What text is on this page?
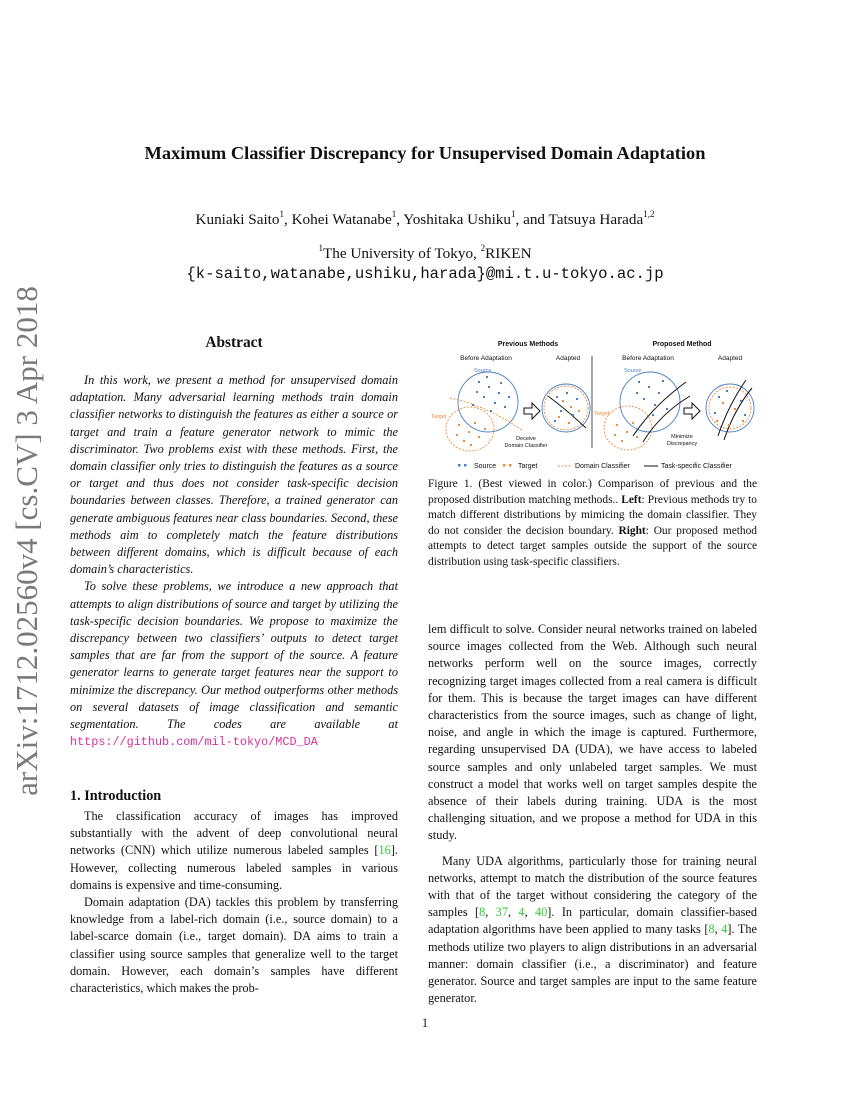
arXiv:1712.02560v4 [cs.CV] 3 Apr 2018
Maximum Classifier Discrepancy for Unsupervised Domain Adaptation
Kuniaki Saito$^1$, Kohei Watanabe$^1$, Yoshitaka Ushiku$^1$, and Tatsuya Harada$^{1,2}$
$^1$The University of Tokyo, $^2$RIKEN
{k-saito,watanabe,ushiku,harada}@mi.t.u-tokyo.ac.jp
Abstract

In this work, we present a method for unsupervised domain adaptation. Many adversarial learning methods train domain classifier networks to distinguish the features as either a source or target and train a feature generator network to mimic the discriminator. Two problems exist with these methods. First, the domain classifier only tries to distinguish the features as a source or target and thus does not consider task-specific decision boundaries between classes. Therefore, a trained generator can generate ambiguous features near class boundaries. Second, these methods aim to completely match the feature distributions between different domains, which is difficult because of each domain’s characteristics.

To solve these problems, we introduce a new approach that attempts to align distributions of source and target by utilizing the task-specific decision boundaries. We propose to maximize the discrepancy between two classifiers’ outputs to detect target samples that are far from the support of the source. A feature generator learns to generate target features near the support to minimize the discrepancy. Our method outperforms other methods on several datasets of image classification and semantic segmentation. The codes are available at https://github.com/mil-tokyo/MCD_DA

1. Introduction

The classification accuracy of images has improved substantially with the advent of deep convolutional neural networks (CNN) which utilize numerous labeled samples [16]. However, collecting numerous labeled samples in various domains is expensive and time-consuming.

Domain adaptation (DA) tackles this problem by transferring knowledge from a label-rich domain (i.e., source domain) to a label-scarce domain (i.e., target domain). DA aims to train a classifier using source samples that generalize well to the target domain. However, each domain’s samples have different characteristics, which makes the prob-

Previous Methods	Proposed Method
Before Adaptation	Adapted	Before Adaptation	Adapted
Source
Target
Deceive
Domain Classifier
Source
Target
Minimize
Discrepancy
Source	Target	Domain Classifier	Task-specific Classifier

Figure 1. (Best viewed in color.) Comparison of previous and the proposed distribution matching methods.. Left: Previous methods try to match different distributions by mimicing the domain classifier. They do not consider the decision boundary. Right: Our proposed method attempts to detect target samples outside the support of the source distribution using task-specific classifiers.

lem difficult to solve. Consider neural networks trained on labeled source images collected from the Web. Although such neural networks perform well on the source images, correctly recognizing target images collected from a real camera is difficult for them. This is because the target images can have different characteristics from the source images, such as change of light, noise, and angle in which the image is captured. Furthermore, regarding unsupervised DA (UDA), we have access to labeled source samples and only unlabeled target samples. We must construct a model that works well on target samples despite the absence of their labels during training. UDA is the most challenging situation, and we propose a method for UDA in this study.

Many UDA algorithms, particularly those for training neural networks, attempt to match the distribution of the source features with that of the target without considering the category of the samples [8, 37, 4, 40]. In particular, domain classifier-based adaptation algorithms have been applied to many tasks [8, 4]. The methods utilize two players to align distributions in an adversarial manner: domain classifier (i.e., a discriminator) and feature generator. Source and target samples are input to the same feature generator.

1
